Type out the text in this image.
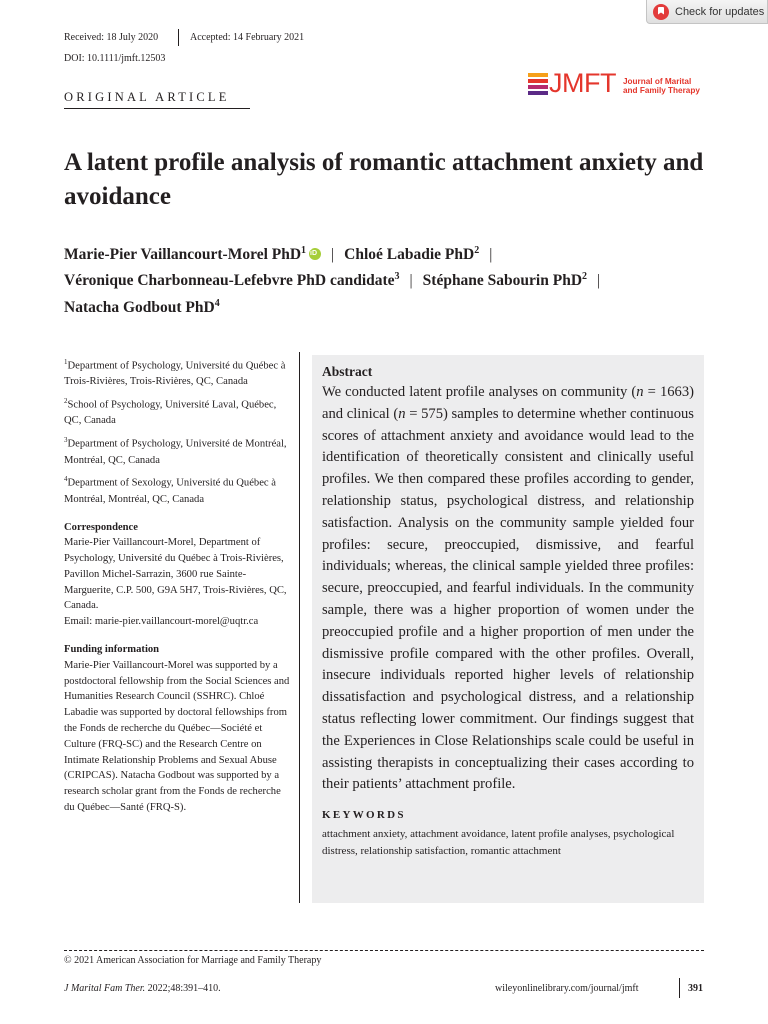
Check for updates
Received: 18 July 2020	Accepted: 14 February 2021
DOI: 10.1111/jmft.12503
ORIGINAL ARTICLE	JMFT Journal of Marital
and Family Therapy
A latent profile analysis of romantic attachment anxiety and avoidance
Marie-Pier Vaillancourt-Morel PhD$^1$iD | Chloé Labadie PhD$^2$ |
Véronique Charbonneau-Lefebvre PhD candidate$^3$ | Stéphane Sabourin PhD$^2$ |
Natacha Godbout PhD$^4$
$^1$Department of Psychology, Université du Québec à Trois-Rivières, Trois-Rivières, QC, Canada
$^2$School of Psychology, Université Laval, Québec, QC, Canada
$^3$Department of Psychology, Université de Montréal, Montréal, QC, Canada
$^4$Department of Sexology, Université du Québec à Montréal, Montréal, QC, Canada
Correspondence
Marie-Pier Vaillancourt-Morel, Department of Psychology, Université du Québec à Trois-Rivières, Pavillon Michel-Sarrazin, 3600 rue Sainte-Marguerite, C.P. 500, G9A 5H7, Trois-Rivières, QC, Canada.
Email: marie-pier.vaillancourt-morel@uqtr.ca
Funding information
Marie-Pier Vaillancourt-Morel was supported by a postdoctoral fellowship from the Social Sciences and Humanities Research Council (SSHRC). Chloé Labadie was supported by doctoral fellowships from the Fonds de recherche du Québec—Société et Culture (FRQ-SC) and the Research Centre on Intimate Relationship Problems and Sexual Abuse (CRIPCAS). Natacha Godbout was supported by a research scholar grant from the Fonds de recherche du Québec—Santé (FRQ-S).
Abstract

We conducted latent profile analyses on community (n = 1663) and clinical (n = 575) samples to determine whether continuous scores of attachment anxiety and avoidance would lead to the identification of theoretically consistent and clinically useful profiles. We then compared these profiles according to gender, relationship status, psychological distress, and relationship satisfaction. Analysis on the community sample yielded four profiles: secure, preoccupied, dismissive, and fearful individuals; whereas, the clinical sample yielded three profiles: secure, preoccupied, and fearful individuals. In the community sample, there was a higher proportion of women under the preoccupied profile and a higher proportion of men under the dismissive profile compared with the other profiles. Overall, insecure individuals reported higher levels of relationship dissatisfaction and psychological distress, and a relationship status reflecting lower commitment. Our findings suggest that the Experiences in Close Relationships scale could be useful in assisting therapists in conceptualizing their cases according to their patients’ attachment profile.

KEYWORDS
attachment anxiety, attachment avoidance, latent profile analyses, psychological distress, relationship satisfaction, romantic attachment
© 2021 American Association for Marriage and Family Therapy
J Marital Fam Ther. 2022;48:391–410.	wileyonlinelibrary.com/journal/jmft	391
